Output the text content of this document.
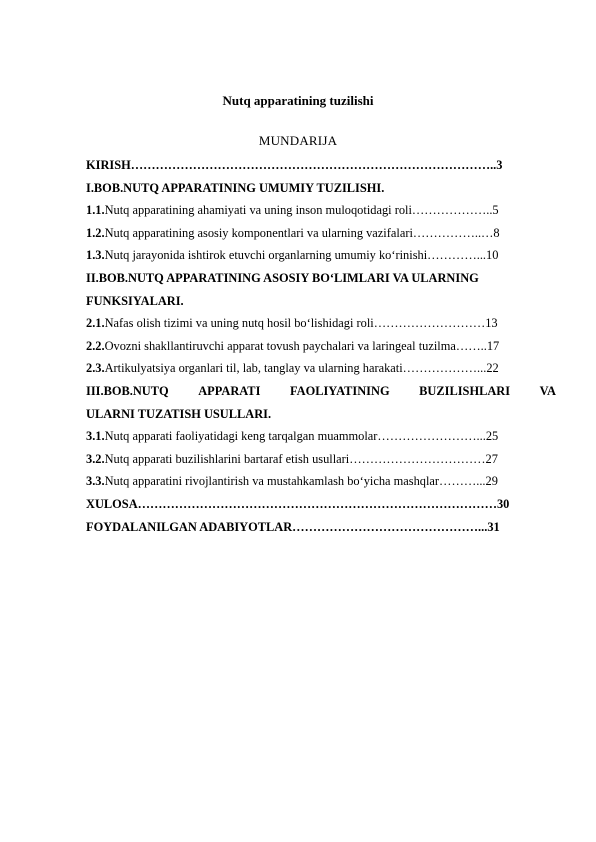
Nutq apparatining tuzilishi
MUNDARIJA
KIRISH……………………………………………………………………………..3
I.BOB.NUTQ APPARATINING UMUMIY TUZILISHI.
1.1.Nutq apparatining ahamiyati va uning inson muloqotidagi roli………………..5
1.2.Nutq apparatining asosiy komponentlari va ularning vazifalari……………..…8
1.3.Nutq jarayonida ishtirok etuvchi organlarning umumiy ko‘rinishi…………...10
II.BOB.NUTQ APPARATINING ASOSIY BO‘LIMLARI VA ULARNING
FUNKSIYALARI.
2.1.Nafas olish tizimi va uning nutq hosil bo‘lishidagi roli………………………13
2.2.Ovozni shakllantiruvchi apparat tovush paychalari va laringeal tuzilma……..17
2.3.Artikulyatsiya organlari til, lab, tanglay va ularning harakati………………...22
III.BOB.NUTQ APPARATI FAOLIYATINING BUZILISHLARI VA
ULARNI TUZATISH USULLARI.
3.1.Nutq apparati faoliyatidagi keng tarqalgan muammolar……………………...25
3.2.Nutq apparati buzilishlarini bartaraf etish usullari……………………………27
3.3.Nutq apparatini rivojlantirish va mustahkamlash bo‘yicha mashqlar………...29
XULOSA……………………………………………………………………………30
FOYDALANILGAN ADABIYOTLAR………………………………………...31
